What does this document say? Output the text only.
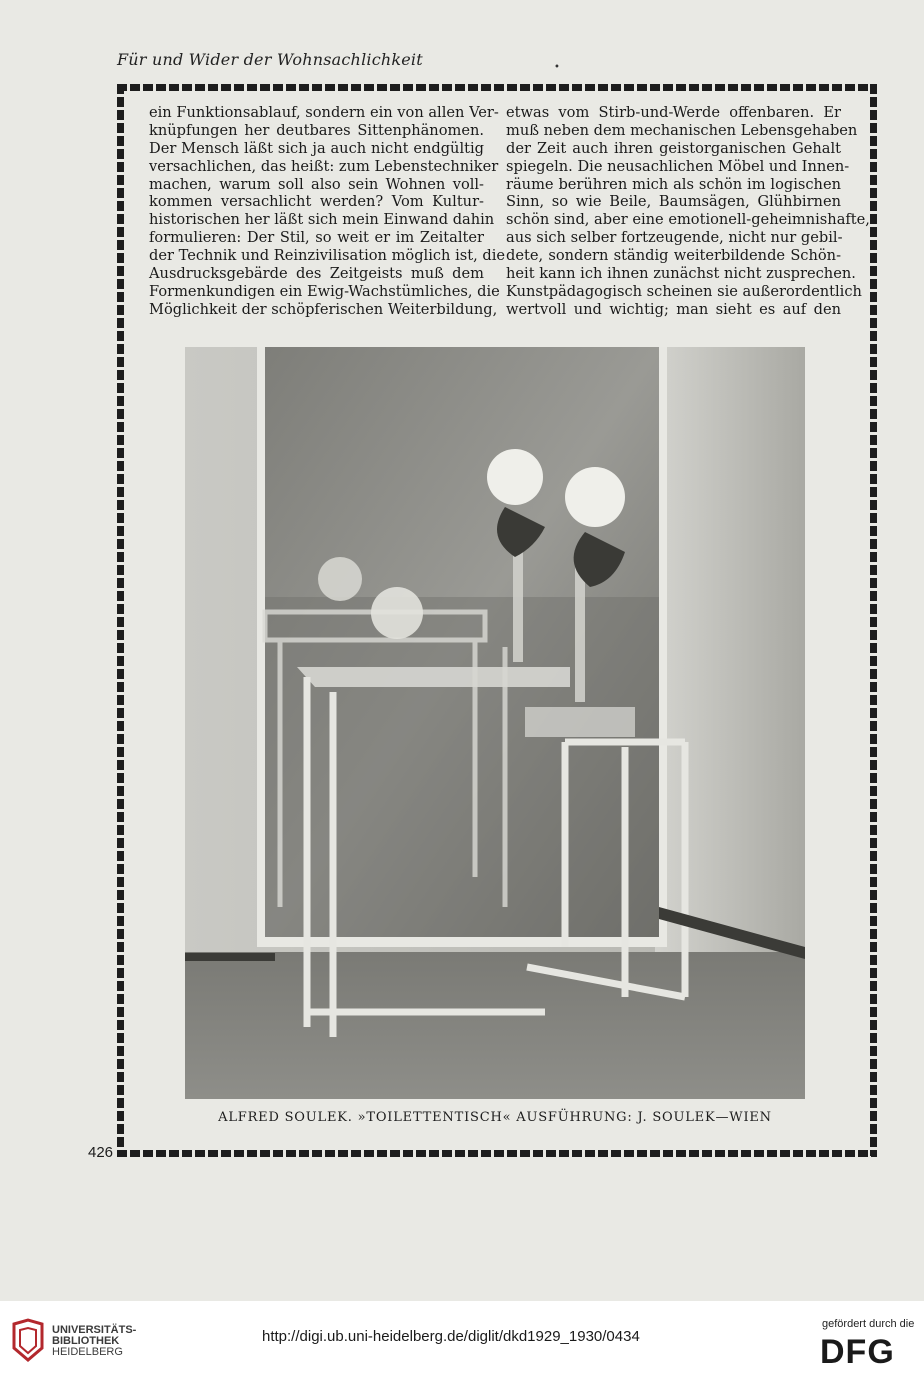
Für und Wider der Wohnsachlichkeit	•
ein Funktionsablauf, sondern ein von allen Ver-
knüpfungen her deutbares Sittenphänomen.
Der Mensch läßt sich ja auch nicht endgültig
versachlichen, das heißt: zum Lebenstechniker
machen, warum soll also sein Wohnen voll-
kommen versachlicht werden? Vom Kultur-
historischen her läßt sich mein Einwand dahin
formulieren: Der Stil, so weit er im Zeitalter
der Technik und Reinzivilisation möglich ist, die
Ausdrucksgebärde des Zeitgeists muß dem
Formenkundigen ein Ewig-Wachstümliches, die
Möglichkeit der schöpferischen Weiterbildung,
etwas vom Stirb-und-Werde offenbaren. Er
muß neben dem mechanischen Lebensgehaben
der Zeit auch ihren geistorganischen Gehalt
spiegeln. Die neusachlichen Möbel und Innen-
räume berühren mich als schön im logischen
Sinn, so wie Beile, Baumsägen, Glühbirnen
schön sind, aber eine emotionell-geheimnishafte,
aus sich selber fortzeugende, nicht nur gebil-
dete, sondern ständig weiterbildende Schön-
heit kann ich ihnen zunächst nicht zusprechen.
Kunstpädagogisch scheinen sie außerordentlich
wertvoll und wichtig; man sieht es auf den
ALFRED SOULEK. »TOILETTENTISCH« AUSFÜHRUNG: J. SOULEK—WIEN
426
UNIVERSITÄTS-
BIBLIOTHEK
HEIDELBERG
http://digi.ub.uni-heidelberg.de/diglit/dkd1929_1930/0434
gefördert durch die
DFG
